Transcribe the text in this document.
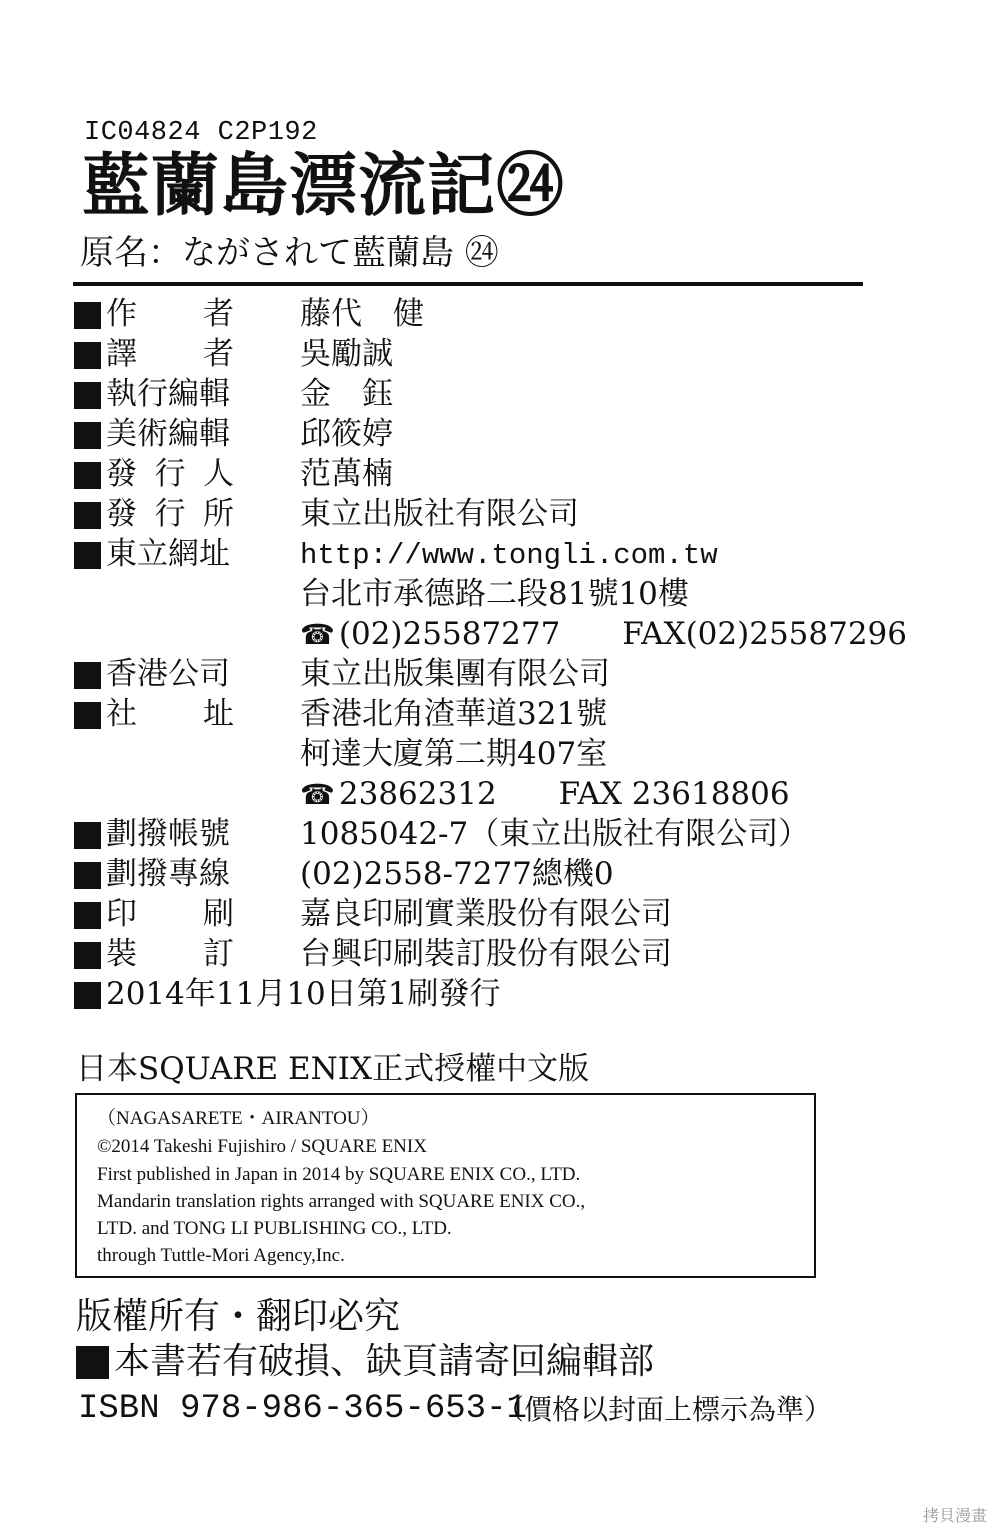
IC04824 C2P192
藍蘭島漂流記㉔
原名：ながされて藍蘭島 ㉔
作 者 藤代　健
譯 者 吳勵誠
執行編輯 金　鈺
美術編輯 邱筱婷
發 行 人 范萬楠
發 行 所 東立出版社有限公司
東立網址 http://www.tongli.com.tw
台北市承德路二段81號10樓
☎ (02)25587277　　FAX(02)25587296
香港公司 東立出版集團有限公司
社 址 香港北角渣華道321號
柯達大廈第二期407室
☎ 23862312　　FAX 23618806
劃撥帳號 1085042-7（東立出版社有限公司）
劃撥專線 (02)2558-7277總機0
印 刷 嘉良印刷實業股份有限公司
裝 訂 台興印刷裝訂股份有限公司
2014年11月10日第1刷發行
日本SQUARE ENIX正式授權中文版
（NAGASARETE・AIRANTOU）
©2014 Takeshi Fujishiro / SQUARE ENIX
First published in Japan in 2014 by SQUARE ENIX CO., LTD.
Mandarin translation rights arranged with SQUARE ENIX CO.,
LTD. and TONG LI PUBLISHING CO., LTD.
through Tuttle-Mori Agency,Inc.
版權所有・翻印必究
本書若有破損、缺頁請寄回編輯部
ISBN 978-986-365-653-1
（價格以封面上標示為準）
拷貝漫畫
